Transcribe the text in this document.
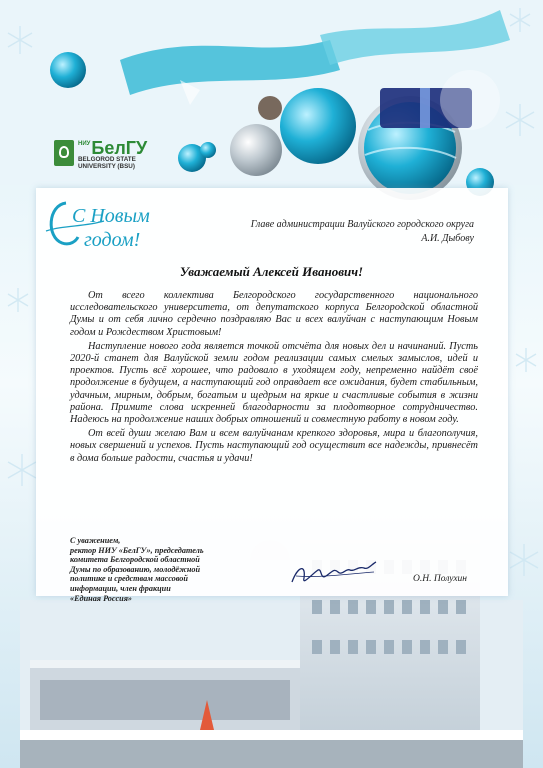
НИУ БелГУ
BELGOROD STATE
UNIVERSITY (BSU)
С Новым
годом!
Главе администрации Валуйского городского округа
А.И. Дыбову
Уважаемый Алексей Иванович!

От всего коллектива Белгородского государственного национального исследовательского университета, от депутатского корпуса Белгородской областной Думы и от себя лично сердечно поздравляю Вас и всех валуйчан с наступающим Новым годом и Рождеством Христовым!

Наступление нового года является точкой отсчёта для новых дел и начинаний. Пусть 2020-й станет для Валуйской земли годом реализации самых смелых замыслов, идей и проектов. Пусть всё хорошее, что радовало в уходящем году, непременно найдёт своё продолжение в будущем, а наступающий год оправдает все ожидания, будет стабильным, удачным, мирным, добрым, богатым и щедрым на яркие и счастливые события в жизни района. Примите слова искренней благодарности за плодотворное сотрудничество. Надеюсь на продолжение наших добрых отношений и совместную работу в новом году.

От всей души желаю Вам и всем валуйчанам крепкого здоровья, мира и благополучия, новых свершений и успехов. Пусть наступающий год осуществит все надежды, привнесёт в дома больше радости, счастья и удачи!

С уважением,
ректор НИУ «БелГУ», председатель
комитета Белгородской областной
Думы по образованию, молодёжной
политике и средствам массовой
информации, член фракции
«Единая Россия»
О.Н. Полухин
